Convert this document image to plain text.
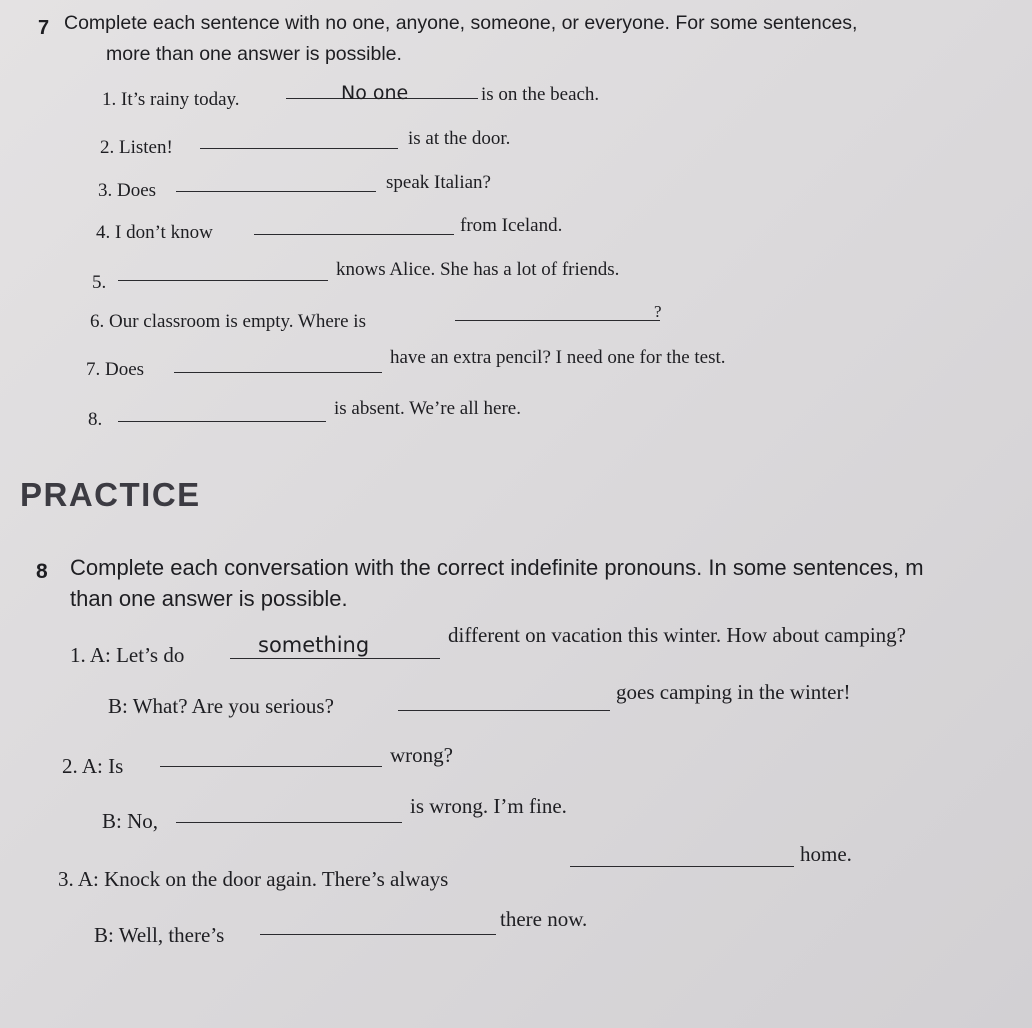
7 Complete each sentence with no one, anyone, someone, or everyone. For some sentences,
more than one answer is possible.
1. It’s rainy today.	No one	is on the beach.
2. Listen!	is at the door.
3. Does	speak Italian?
4. I don’t know	from Iceland.
5.
knows Alice. She has a lot of friends.
6. Our classroom is empty. Where is	?
7. Does
have an extra pencil? I need one for the test.
8.
is absent. We’re all here.
PRACTICE
8 Complete each conversation with the correct indefinite pronouns. In some sentences, m
than one answer is possible.
1. A: Let’s do	something	different on vacation this winter. How about camping?
B: What? Are you serious?
goes camping in the winter!
2. A: Is	wrong?
B: No,
is wrong. I’m fine.
3. A: Knock on the door again. There’s always
home.
B: Well, there’s
there now.
